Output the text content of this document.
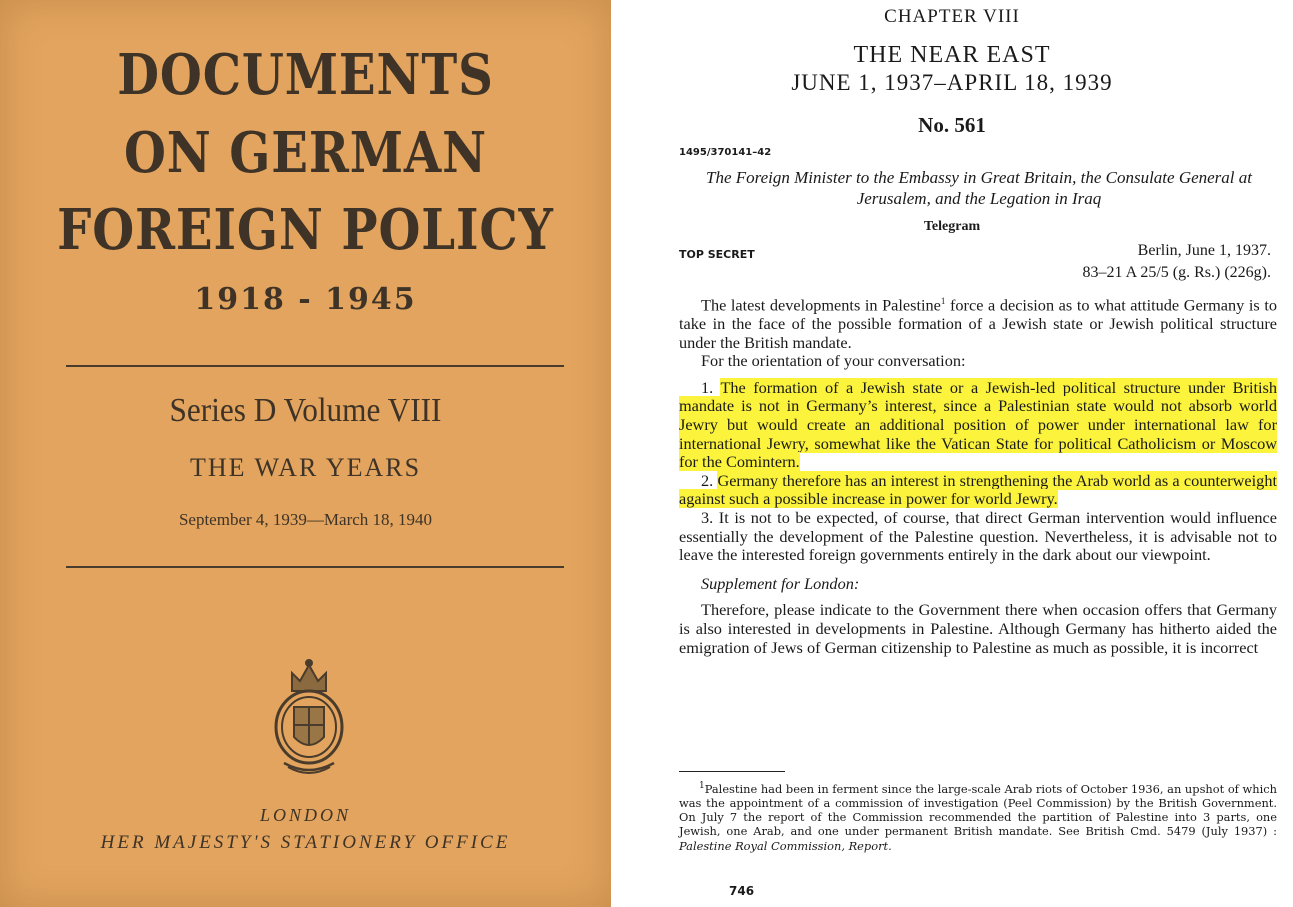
DOCUMENTS
ON GERMAN
FOREIGN POLICY
1918 - 1945
Series D Volume VIII
THE WAR YEARS
September 4, 1939—March 18, 1940
LONDON
HER MAJESTY'S STATIONERY OFFICE
CHAPTER VIII
THE NEAR EAST
JUNE 1, 1937–APRIL 18, 1939
No. 561
1495/370141–42
The Foreign Minister to the Embassy in Great Britain, the Consulate General at Jerusalem, and the Legation in Iraq
Telegram
TOP SECRET	Berlin, June 1, 1937.
83–21 A 25/5 (g. Rs.) (226g).

The latest developments in Palestine$^1$ force a decision as to what attitude Germany is to take in the face of the possible formation of a Jewish state or Jewish political structure under the British mandate.

For the orientation of your conversation:

1. The formation of a Jewish state or a Jewish-led political structure under British mandate is not in Germany’s interest, since a Palestinian state would not absorb world Jewry but would create an additional position of power under international law for international Jewry, somewhat like the Vatican State for political Catholicism or Moscow for the Comintern.

2. Germany therefore has an interest in strengthening the Arab world as a counterweight against such a possible increase in power for world Jewry.

3. It is not to be expected, of course, that direct German intervention would influence essentially the development of the Palestine question. Nevertheless, it is advisable not to leave the interested foreign governments entirely in the dark about our viewpoint.

Supplement for London:

Therefore, please indicate to the Government there when occasion offers that Germany is also interested in developments in Palestine. Although Germany has hitherto aided the emigration of Jews of German citizenship to Palestine as much as possible, it is incorrect

$^1$Palestine had been in ferment since the large-scale Arab riots of October 1936, an upshot of which was the appointment of a commission of investigation (Peel Commission) by the British Government. On July 7 the report of the Commission recommended the partition of Palestine into 3 parts, one Jewish, one Arab, and one under permanent British mandate. See British Cmd. 5479 (July 1937) : Palestine Royal Commission, Report.
746
